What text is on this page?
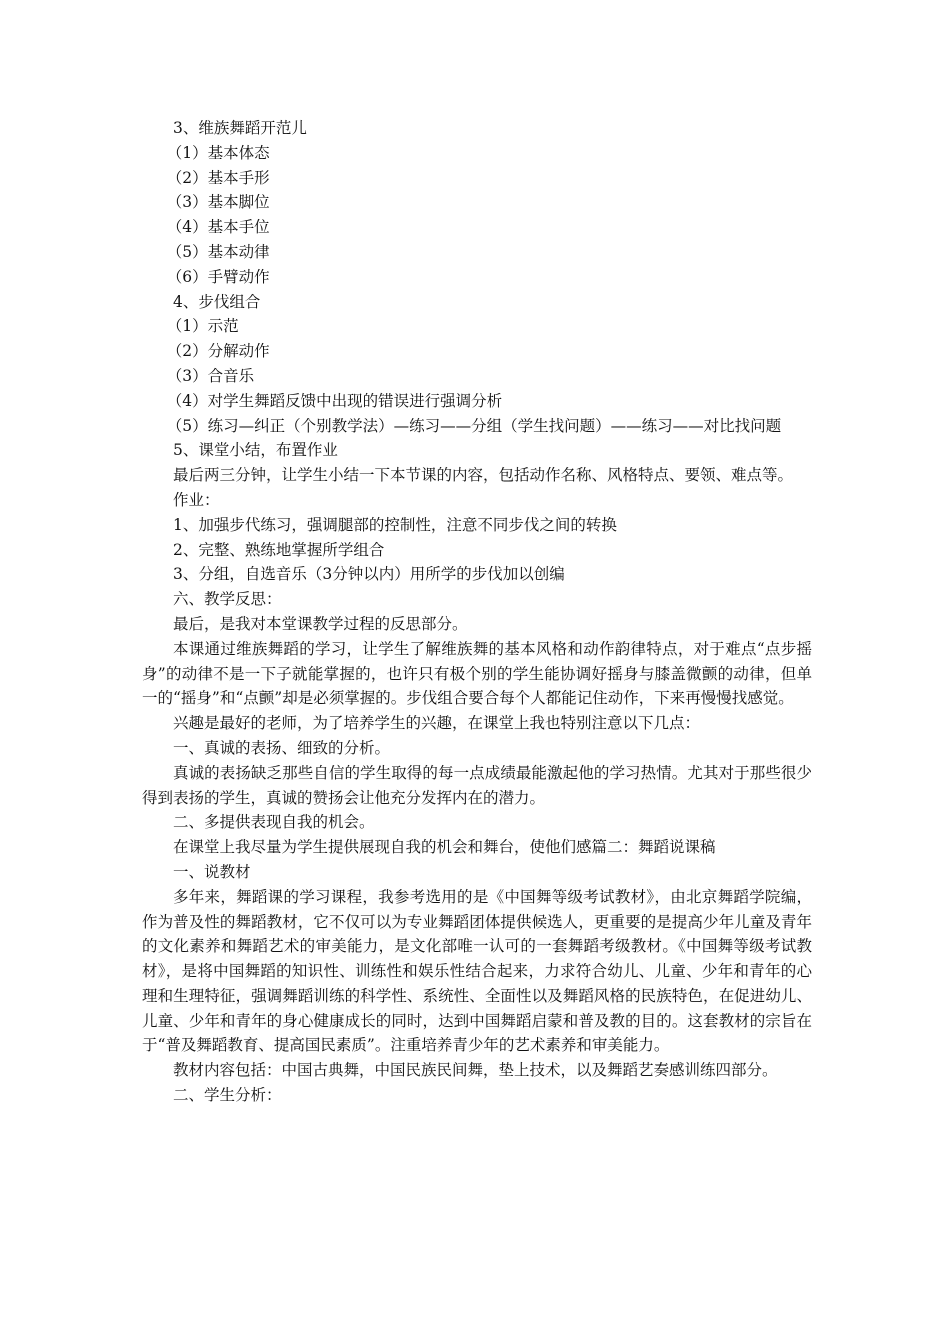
3、维族舞蹈开范儿

（1）基本体态

（2）基本手形

（3）基本脚位

（4）基本手位

（5）基本动律

（6）手臂动作

4、步伐组合

（1）示范

（2）分解动作

（3）合音乐

（4）对学生舞蹈反馈中出现的错误进行强调分析

（5）练习—纠正（个别教学法）—练习——分组（学生找问题）——练习——对比找问题

5、课堂小结，布置作业

最后两三分钟，让学生小结一下本节课的内容，包括动作名称、风格特点、要领、难点等。

作业：

1、加强步代练习，强调腿部的控制性，注意不同步伐之间的转换

2、完整、熟练地掌握所学组合

3、分组，自选音乐（3分钟以内）用所学的步伐加以创编

六、教学反思：

最后，是我对本堂课教学过程的反思部分。

本课通过维族舞蹈的学习，让学生了解维族舞的基本风格和动作韵律特点，对于难点“点步摇身”的动律不是一下子就能掌握的，也许只有极个别的学生能协调好摇身与膝盖微颤的动律，但单一的“摇身”和“点颤”却是必须掌握的。步伐组合要合每个人都能记住动作，下来再慢慢找感觉。

兴趣是最好的老师，为了培养学生的兴趣，在课堂上我也特别注意以下几点：

一、真诚的表扬、细致的分析。

真诚的表扬缺乏那些自信的学生取得的每一点成绩最能激起他的学习热情。尤其对于那些很少得到表扬的学生，真诚的赞扬会让他充分发挥内在的潜力。

二、多提供表现自我的机会。

在课堂上我尽量为学生提供展现自我的机会和舞台，使他们感篇二：舞蹈说课稿

一、说教材

多年来，舞蹈课的学习课程，我参考选用的是《中国舞等级考试教材》，由北京舞蹈学院编，作为普及性的舞蹈教材，它不仅可以为专业舞蹈团体提供候选人，更重要的是提高少年儿童及青年的文化素养和舞蹈艺术的审美能力，是文化部唯一认可的一套舞蹈考级教材。《中国舞等级考试教材》，是将中国舞蹈的知识性、训练性和娱乐性结合起来，力求符合幼儿、儿童、少年和青年的心理和生理特征，强调舞蹈训练的科学性、系统性、全面性以及舞蹈风格的民族特色，在促进幼儿、儿童、少年和青年的身心健康成长的同时，达到中国舞蹈启蒙和普及教的目的。这套教材的宗旨在于“普及舞蹈教育、提高国民素质”。注重培养青少年的艺术素养和审美能力。

教材内容包括：中国古典舞，中国民族民间舞，垫上技术，以及舞蹈艺奏感训练四部分。

二、学生分析：
